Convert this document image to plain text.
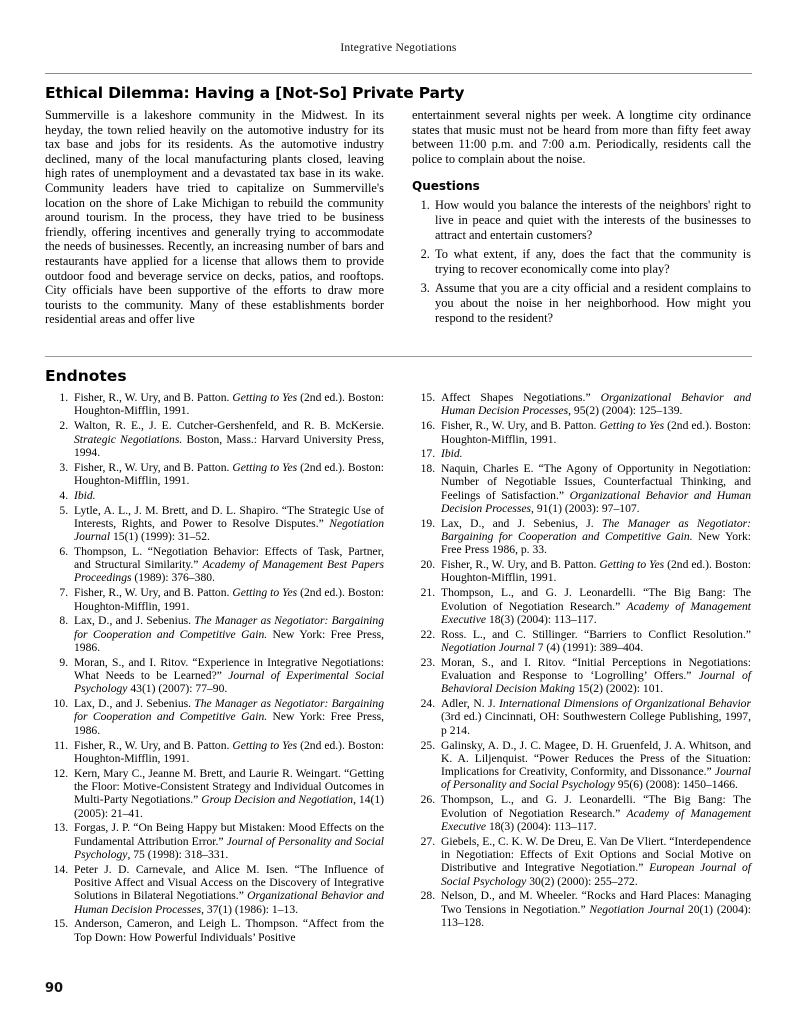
Integrative Negotiations
Ethical Dilemma: Having a [Not-So] Private Party

Summerville is a lakeshore community in the Midwest. In its heyday, the town relied heavily on the automotive industry for its tax base and jobs for its residents. As the automotive industry declined, many of the local manufacturing plants closed, leaving high rates of unemployment and a devastated tax base in its wake. Community leaders have tried to capitalize on Summerville's location on the shore of Lake Michigan to rebuild the community around tourism. In the process, they have tried to be business friendly, offering incentives and generally trying to accommodate the needs of businesses. Recently, an increasing number of bars and restaurants have applied for a license that allows them to provide outdoor food and beverage service on decks, patios, and rooftops. City officials have been supportive of the efforts to draw more tourists to the community. Many of these establishments border residential areas and offer live

entertainment several nights per week. A longtime city ordinance states that music must not be heard from more than fifty feet away between 11:00 p.m. and 7:00 a.m. Periodically, residents call the police to complain about the noise.

Questions
1. How would you balance the interests of the neighbors' right to live in peace and quiet with the interests of the businesses to attract and entertain customers?
2. To what extent, if any, does the fact that the community is trying to recover economically come into play?
3. Assume that you are a city official and a resident complains to you about the noise in her neighborhood. How might you respond to the resident?
Endnotes
1. Fisher, R., W. Ury, and B. Patton. Getting to Yes (2nd ed.). Boston: Houghton-Mifflin, 1991.
2. Walton, R. E., J. E. Cutcher-Gershenfeld, and R. B. McKersie. Strategic Negotiations. Boston, Mass.: Harvard University Press, 1994.
3. Fisher, R., W. Ury, and B. Patton. Getting to Yes (2nd ed.). Boston: Houghton-Mifflin, 1991.
4. Ibid.
5. Lytle, A. L., J. M. Brett, and D. L. Shapiro. “The Strategic Use of Interests, Rights, and Power to Resolve Disputes.” Negotiation Journal 15(1) (1999): 31–52.
6. Thompson, L. “Negotiation Behavior: Effects of Task, Partner, and Structural Similarity.” Academy of Management Best Papers Proceedings (1989): 376–380.
7. Fisher, R., W. Ury, and B. Patton. Getting to Yes (2nd ed.). Boston: Houghton-Mifflin, 1991.
8. Lax, D., and J. Sebenius. The Manager as Negotiator: Bargaining for Cooperation and Competitive Gain. New York: Free Press, 1986.
9. Moran, S., and I. Ritov. “Experience in Integrative Negotiations: What Needs to be Learned?” Journal of Experimental Social Psychology 43(1) (2007): 77–90.
10. Lax, D., and J. Sebenius. The Manager as Negotiator: Bargaining for Cooperation and Competitive Gain. New York: Free Press, 1986.
11. Fisher, R., W. Ury, and B. Patton. Getting to Yes (2nd ed.). Boston: Houghton-Mifflin, 1991.
12. Kern, Mary C., Jeanne M. Brett, and Laurie R. Weingart. “Getting the Floor: Motive-Consistent Strategy and Individual Outcomes in Multi-Party Negotiations.” Group Decision and Negotiation, 14(1) (2005): 21–41.
13. Forgas, J. P. “On Being Happy but Mistaken: Mood Effects on the Fundamental Attribution Error.” Journal of Personality and Social Psychology, 75 (1998): 318–331.
14. Peter J. D. Carnevale, and Alice M. Isen. “The Influence of Positive Affect and Visual Access on the Discovery of Integrative Solutions in Bilateral Negotiations.” Organizational Behavior and Human Decision Processes, 37(1) (1986): 1–13.
15. Anderson, Cameron, and Leigh L. Thompson. “Affect from the Top Down: How Powerful Individuals’ Positive
15. Affect Shapes Negotiations.” Organizational Behavior and Human Decision Processes, 95(2) (2004): 125–139.
16. Fisher, R., W. Ury, and B. Patton. Getting to Yes (2nd ed.). Boston: Houghton-Mifflin, 1991.
17. Ibid.
18. Naquin, Charles E. “The Agony of Opportunity in Negotiation: Number of Negotiable Issues, Counterfactual Thinking, and Feelings of Satisfaction.” Organizational Behavior and Human Decision Processes, 91(1) (2003): 97–107.
19. Lax, D., and J. Sebenius, J. The Manager as Negotiator: Bargaining for Cooperation and Competitive Gain. New York: Free Press 1986, p. 33.
20. Fisher, R., W. Ury, and B. Patton. Getting to Yes (2nd ed.). Boston: Houghton-Mifflin, 1991.
21. Thompson, L., and G. J. Leonardelli. “The Big Bang: The Evolution of Negotiation Research.” Academy of Management Executive 18(3) (2004): 113–117.
22. Ross. L., and C. Stillinger. “Barriers to Conflict Resolution.” Negotiation Journal 7 (4) (1991): 389–404.
23. Moran, S., and I. Ritov. “Initial Perceptions in Negotiations: Evaluation and Response to ‘Logrolling’ Offers.” Journal of Behavioral Decision Making 15(2) (2002): 101.
24. Adler, N. J. International Dimensions of Organizational Behavior (3rd ed.) Cincinnati, OH: Southwestern College Publishing, 1997, p 214.
25. Galinsky, A. D., J. C. Magee, D. H. Gruenfeld, J. A. Whitson, and K. A. Liljenquist. “Power Reduces the Press of the Situation: Implications for Creativity, Conformity, and Dissonance.” Journal of Personality and Social Psychology 95(6) (2008): 1450–1466.
26. Thompson, L., and G. J. Leonardelli. “The Big Bang: The Evolution of Negotiation Research.” Academy of Management Executive 18(3) (2004): 113–117.
27. Giebels, E., C. K. W. De Dreu, E. Van De Vliert. “Interdependence in Negotiation: Effects of Exit Options and Social Motive on Distributive and Integrative Negotiation.” European Journal of Social Psychology 30(2) (2000): 255–272.
28. Nelson, D., and M. Wheeler. “Rocks and Hard Places: Managing Two Tensions in Negotiation.” Negotiation Journal 20(1) (2004): 113–128.
90
